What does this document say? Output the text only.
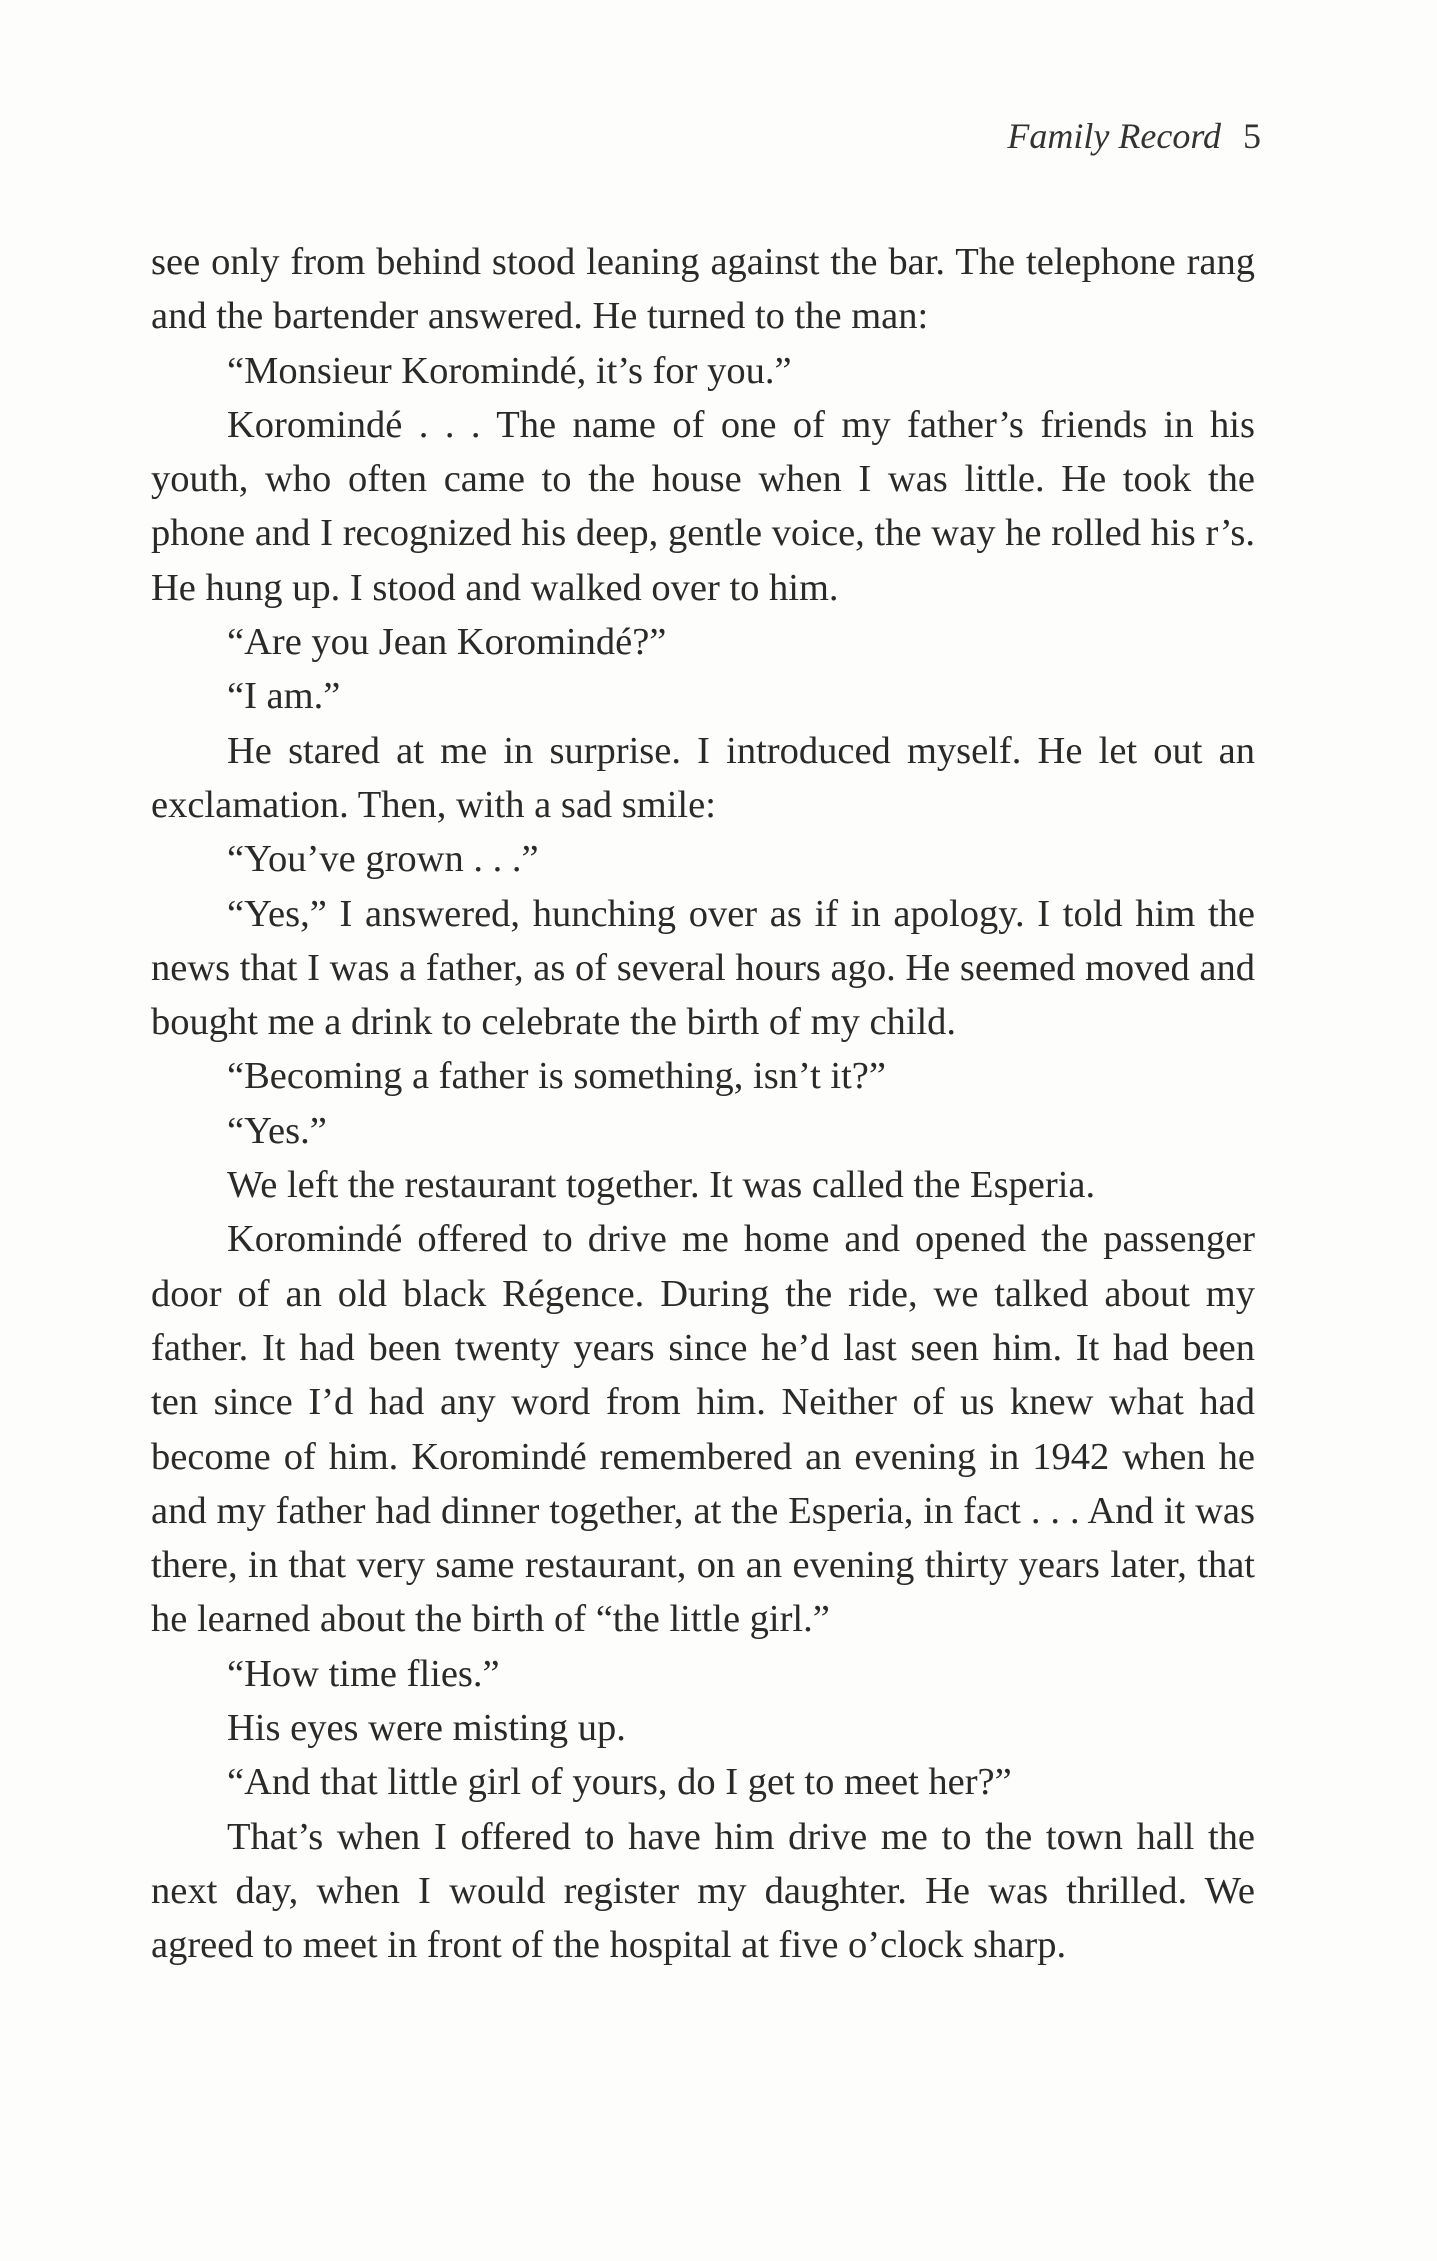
Family Record 5

see only from behind stood leaning against the bar. The telephone rang and the bartender answered. He turned to the man:

“Monsieur Koromindé, it’s for you.”

Koromindé . . . The name of one of my father’s friends in his youth, who often came to the house when I was little. He took the phone and I recognized his deep, gentle voice, the way he rolled his r’s. He hung up. I stood and walked over to him.

“Are you Jean Koromindé?”

“I am.”

He stared at me in surprise. I introduced myself. He let out an exclamation. Then, with a sad smile:

“You’ve grown . . .”

“Yes,” I answered, hunching over as if in apology. I told him the news that I was a father, as of several hours ago. He seemed moved and bought me a drink to celebrate the birth of my child.

“Becoming a father is something, isn’t it?”

“Yes.”

We left the restaurant together. It was called the Esperia.

Koromindé offered to drive me home and opened the passenger door of an old black Régence. During the ride, we talked about my father. It had been twenty years since he’d last seen him. It had been ten since I’d had any word from him. Neither of us knew what had become of him. Koromindé remembered an evening in 1942 when he and my father had dinner together, at the Esperia, in fact . . . And it was there, in that very same restaurant, on an evening thirty years later, that he learned about the birth of “the little girl.”

“How time flies.”

His eyes were misting up.

“And that little girl of yours, do I get to meet her?”

That’s when I offered to have him drive me to the town hall the next day, when I would register my daughter. He was thrilled. We agreed to meet in front of the hospital at five o’clock sharp.
